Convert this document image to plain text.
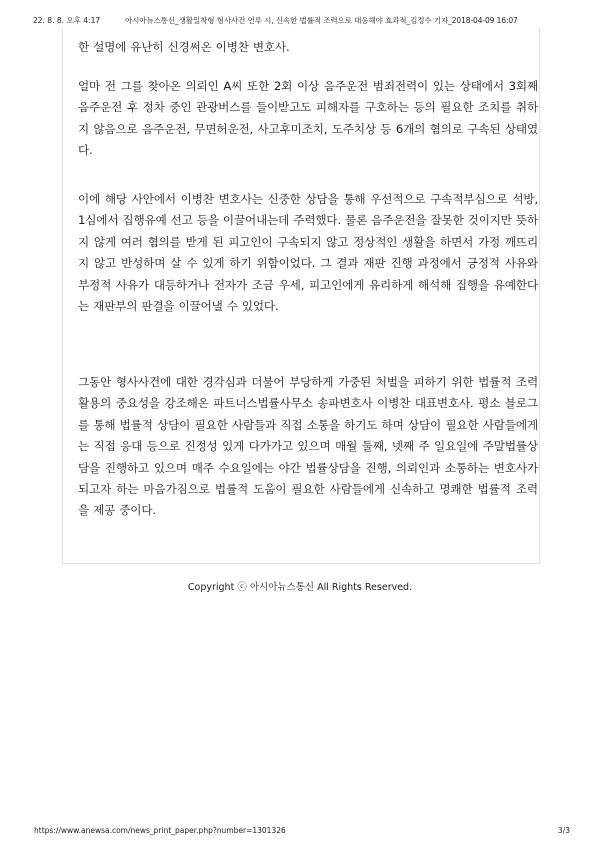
22. 8. 8. 오후 4:17	아시아뉴스통신_생활밀착형 형사사건 연루 시, 신속한 법률적 조력으로 대응해야 효과적_김정수 기자_2018-04-09 16:07

한 설명에 유난히 신경써온 이병찬 변호사.

얼마 전 그를 찾아온 의뢰인 A씨 또한 2회 이상 음주운전 범죄전력이 있는 상태에서 3회째 음주운전 후 정차 중인 관광버스를 들이받고도 피해자를 구호하는 등의 필요한 조치를 취하지 않음으로 음주운전, 무면허운전, 사고후미조치, 도주치상 등 6개의 혐의로 구속된 상태였다.

이에 해당 사안에서 이병찬 변호사는 신중한 상담을 통해 우선적으로 구속적부심으로 석방, 1심에서 집행유예 선고 등을 이끌어내는데 주력했다. 물론 음주운전을 잘못한 것이지만 뜻하지 않게 여러 혐의를 받게 된 피고인이 구속되지 않고 정상적인 생활을 하면서 가정 깨뜨리지 않고 반성하며 살 수 있게 하기 위함이었다. 그 결과 재판 진행 과정에서 긍정적 사유와 부정적 사유가 대등하거나 전자가 조금 우세, 피고인에게 유리하게 해석해 집행을 유예한다는 재판부의 판결을 이끌어낼 수 있었다.

그동안 형사사건에 대한 경각심과 더불어 부당하게 가중된 처벌을 피하기 위한 법률적 조력 활용의 중요성을 강조해온 파트너스법률사무소 송파변호사 이병찬 대표변호사. 평소 블로그를 통해 법률적 상담이 필요한 사람들과 직접 소통을 하기도 하며 상담이 필요한 사람들에게는 직접 응대 등으로 진정성 있게 다가가고 있으며 매월 둘째, 넷째 주 일요일에 주말법률상담을 진행하고 있으며 매주 수요일에는 야간 법률상담을 진행, 의뢰인과 소통하는 변호사가 되고자 하는 마음가짐으로 법률적 도움이 필요한 사람들에게 신속하고 명쾌한 법률적 조력을 제공 중이다.

Copyright ⓒ 아시아뉴스통신 All Rights Reserved.
https://www.anewsa.com/news_print_paper.php?number=1301326	3/3
